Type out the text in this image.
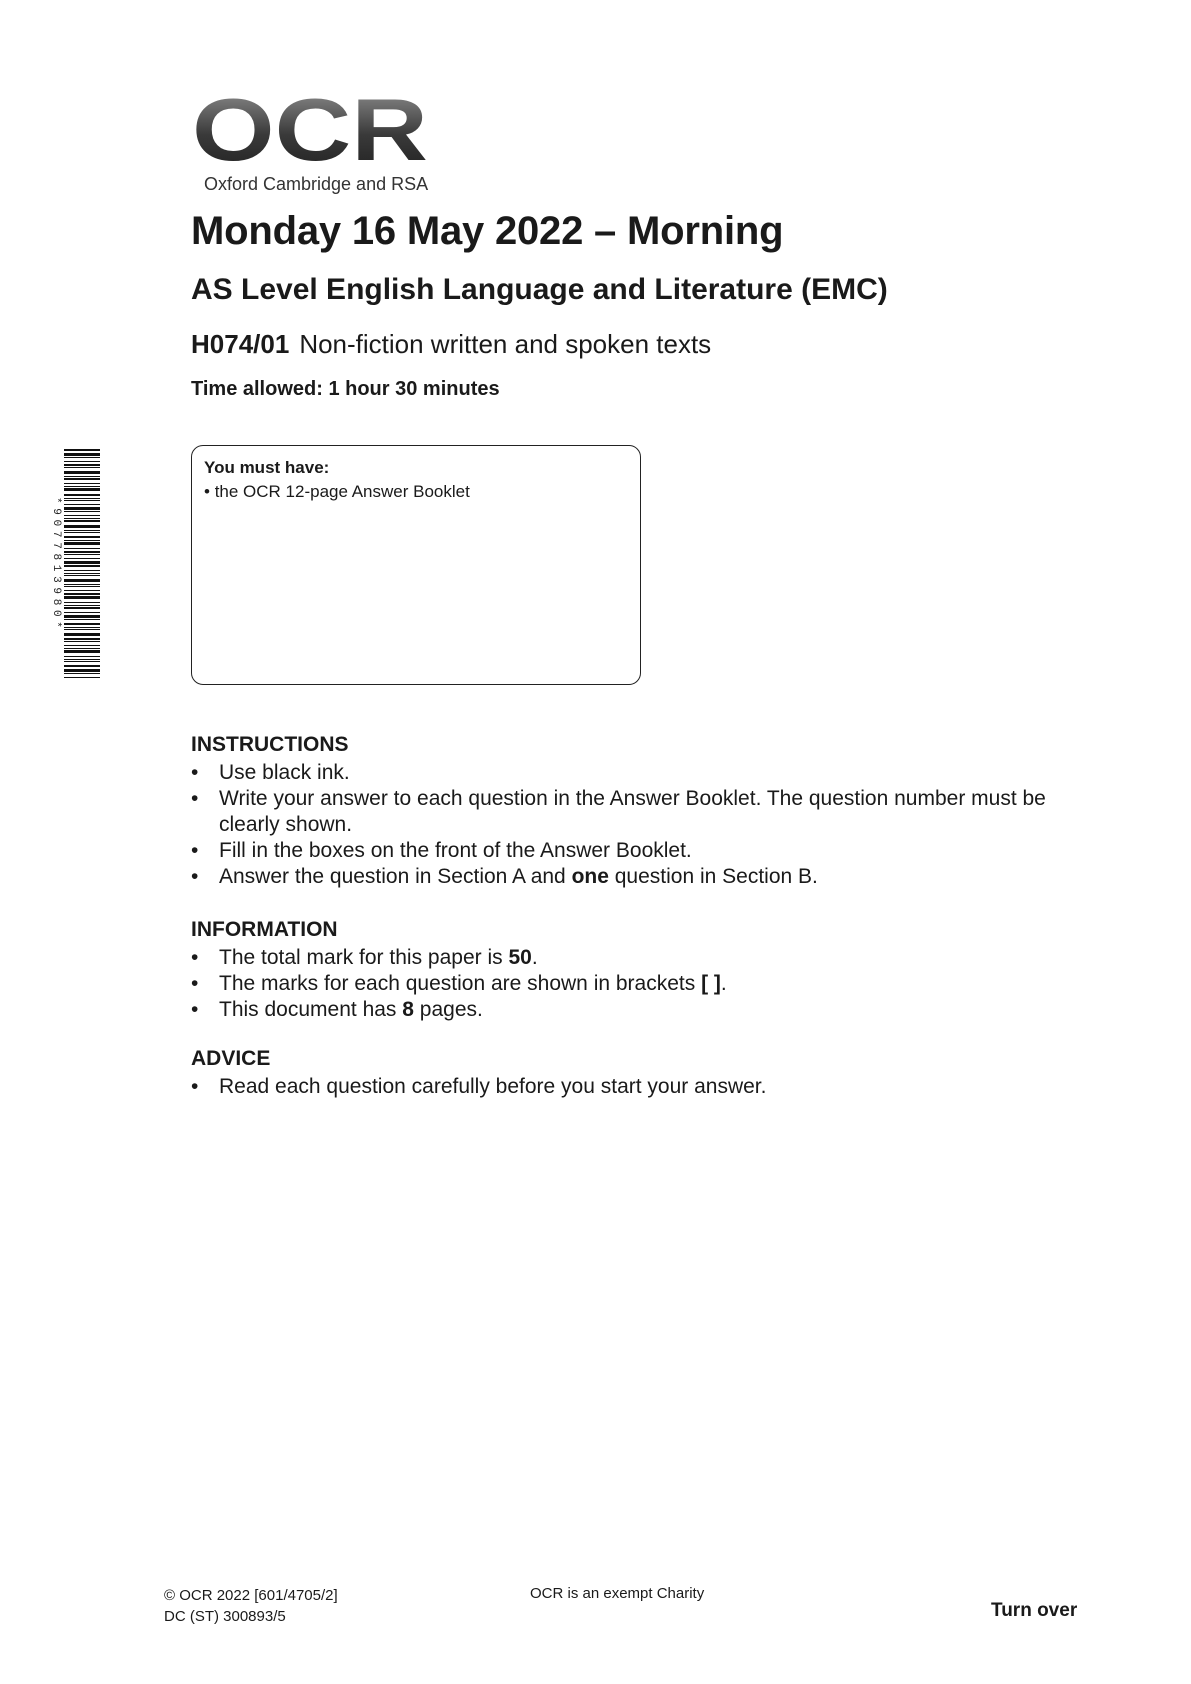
OCR
Oxford Cambridge and RSA
Monday 16 May 2022 – Morning
AS Level English Language and Literature (EMC)
H074/01 Non-fiction written and spoken texts
Time allowed: 1 hour 30 minutes
*9077813980*
You must have:
• the OCR 12-page Answer Booklet
INSTRUCTIONS
• Use black ink.
• Write your answer to each question in the Answer Booklet. The question number must be clearly shown.
• Fill in the boxes on the front of the Answer Booklet.
• Answer the question in Section A and one question in Section B.
INFORMATION
• The total mark for this paper is 50.
• The marks for each question are shown in brackets [ ].
• This document has 8 pages.
ADVICE
• Read each question carefully before you start your answer.
© OCR 2022 [601/4705/2]
DC (ST) 300893/5
OCR is an exempt Charity
Turn over
